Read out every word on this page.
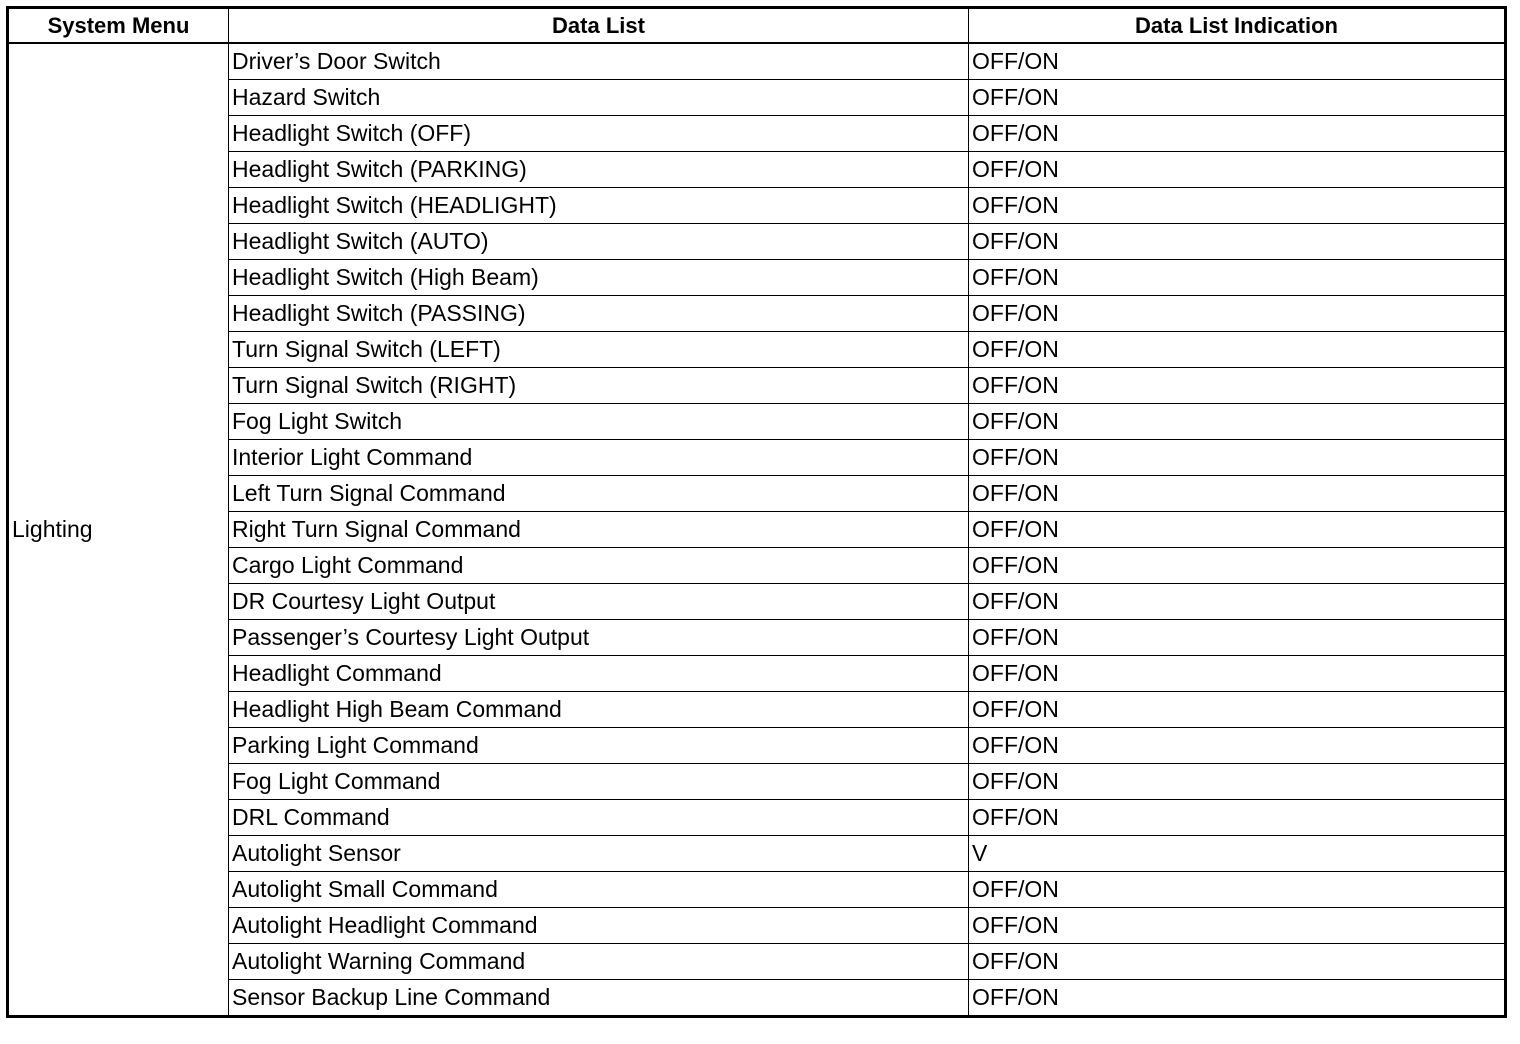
System Menu	Data List	Data List Indication
Lighting	Driver’s Door Switch	OFF/ON
	Hazard Switch	OFF/ON
	Headlight Switch (OFF)	OFF/ON
	Headlight Switch (PARKING)	OFF/ON
	Headlight Switch (HEADLIGHT)	OFF/ON
	Headlight Switch (AUTO)	OFF/ON
	Headlight Switch (High Beam)	OFF/ON
	Headlight Switch (PASSING)	OFF/ON
	Turn Signal Switch (LEFT)	OFF/ON
	Turn Signal Switch (RIGHT)	OFF/ON
	Fog Light Switch	OFF/ON
	Interior Light Command	OFF/ON
	Left Turn Signal Command	OFF/ON
	Right Turn Signal Command	OFF/ON
	Cargo Light Command	OFF/ON
	DR Courtesy Light Output	OFF/ON
	Passenger’s Courtesy Light Output	OFF/ON
	Headlight Command	OFF/ON
	Headlight High Beam Command	OFF/ON
	Parking Light Command	OFF/ON
	Fog Light Command	OFF/ON
	DRL Command	OFF/ON
	Autolight Sensor	V
	Autolight Small Command	OFF/ON
	Autolight Headlight Command	OFF/ON
	Autolight Warning Command	OFF/ON
	Sensor Backup Line Command	OFF/ON
